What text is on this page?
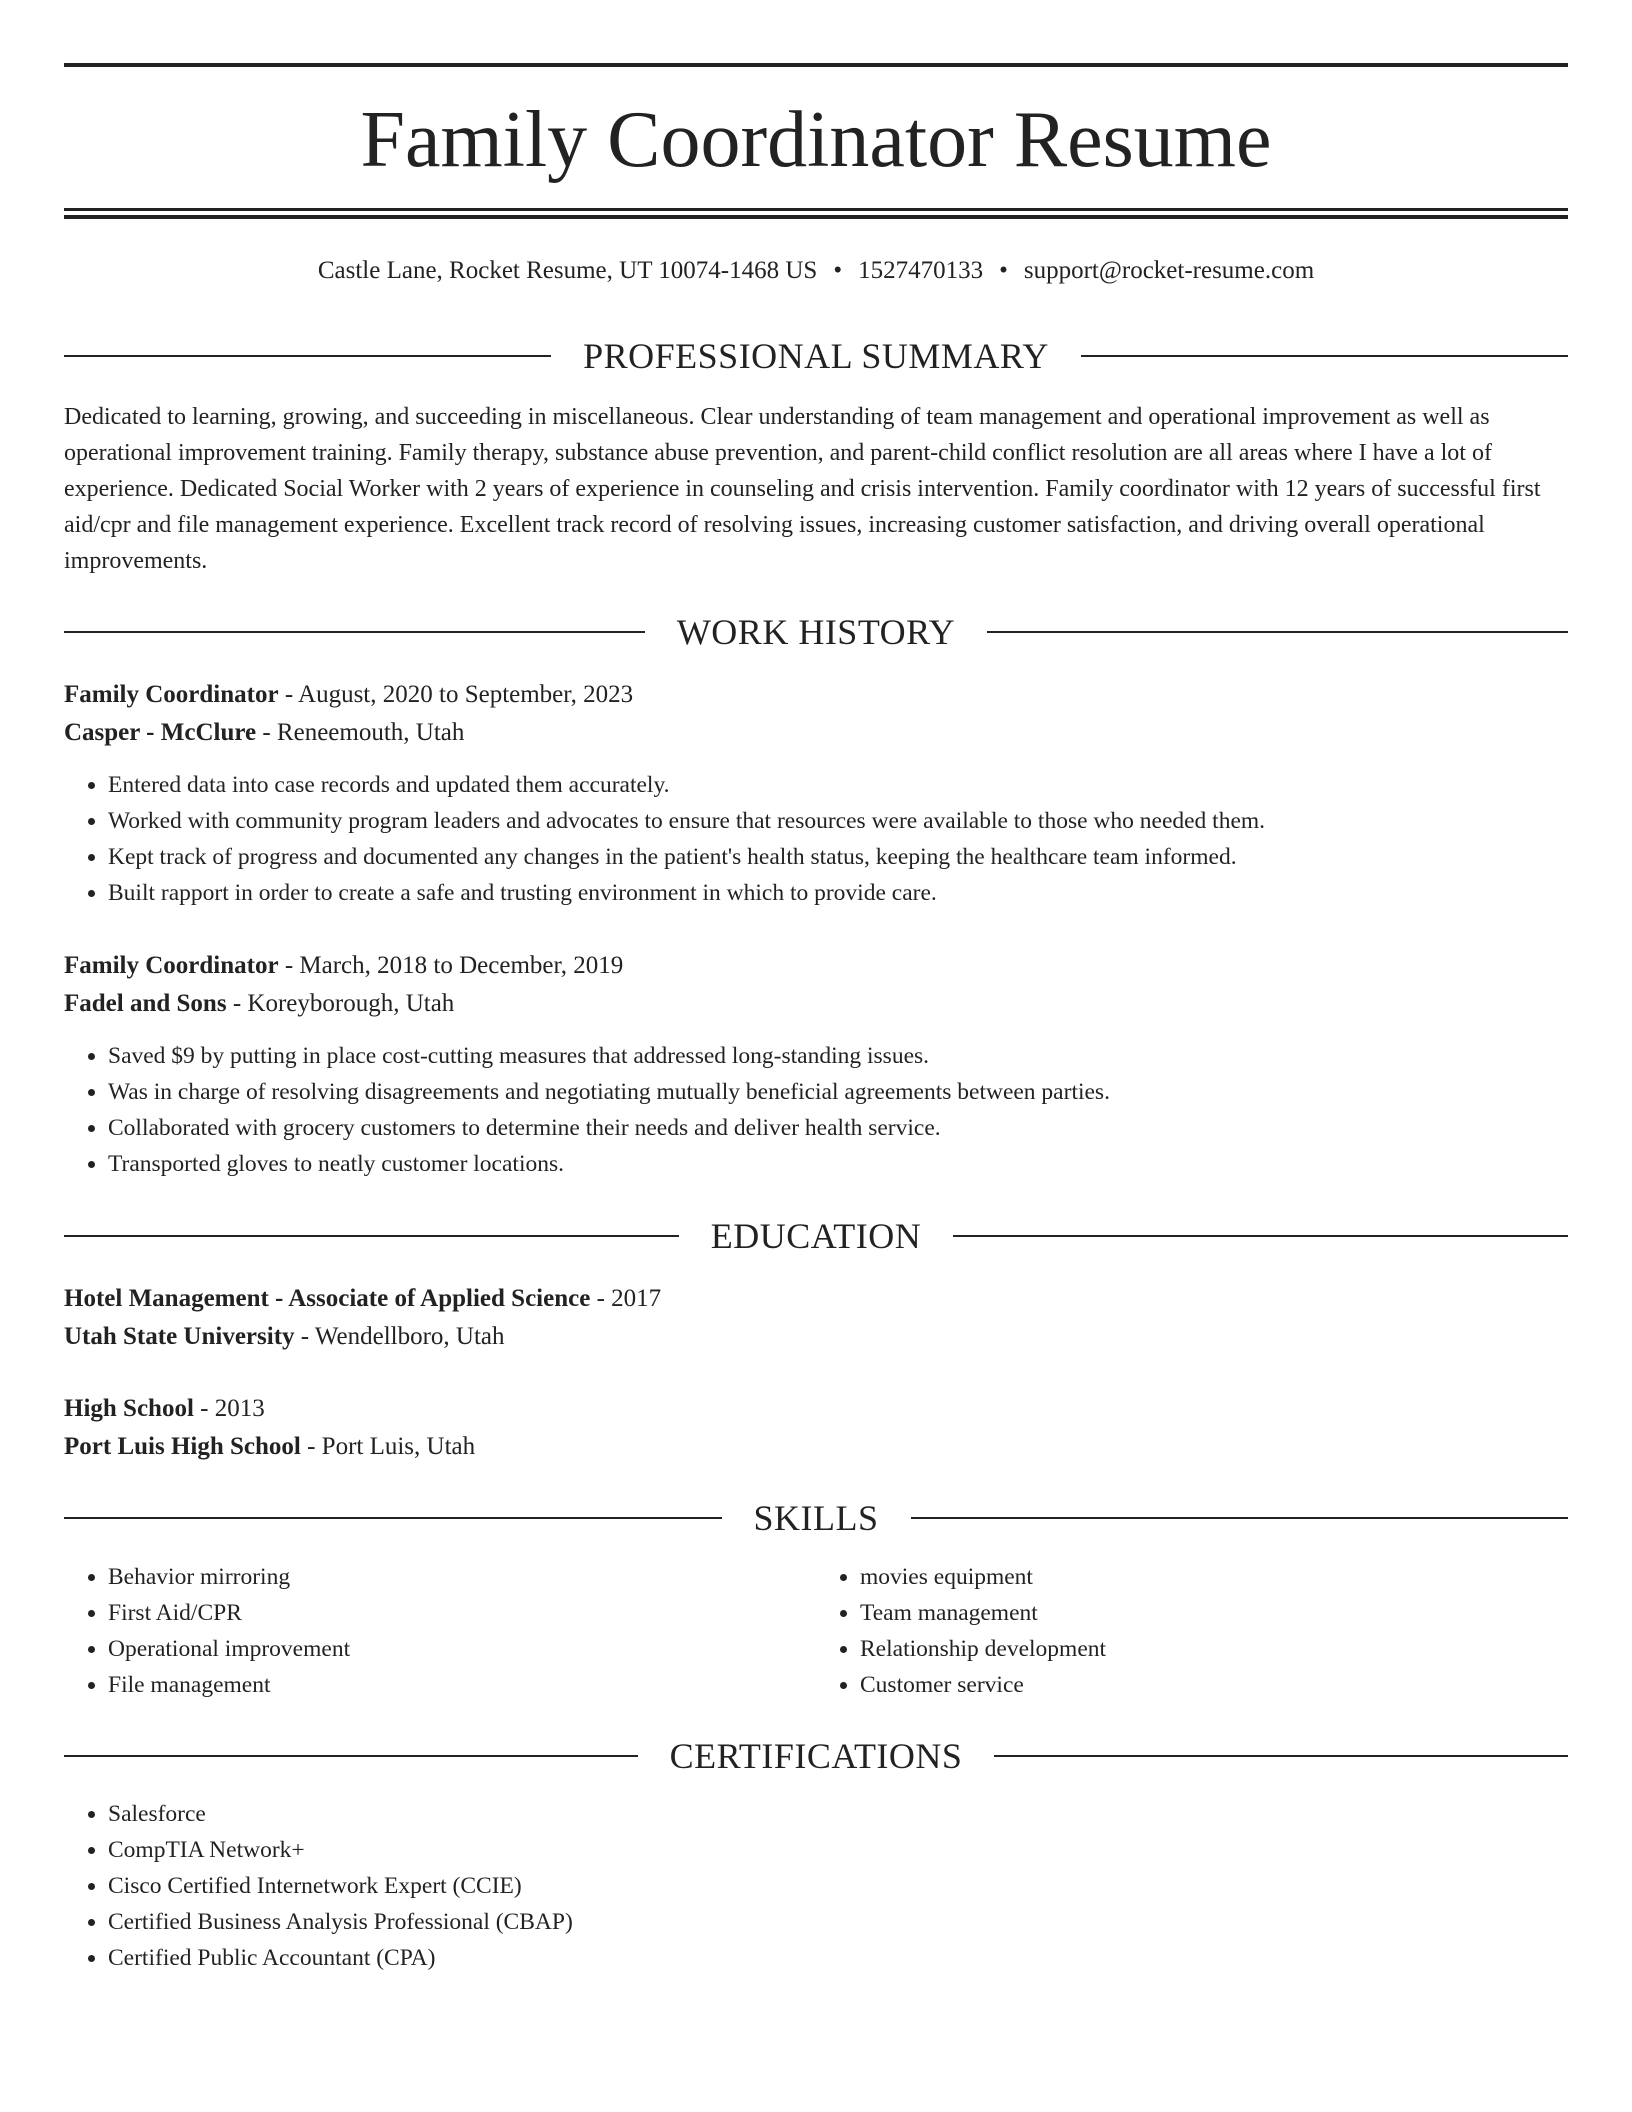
Family Coordinator Resume
Castle Lane, Rocket Resume, UT 10074-1468 US • 1527470133 • support@rocket-resume.com
PROFESSIONAL SUMMARY

Dedicated to learning, growing, and succeeding in miscellaneous. Clear understanding of team management and operational improvement as well as operational improvement training. Family therapy, substance abuse prevention, and parent-child conflict resolution are all areas where I have a lot of experience. Dedicated Social Worker with 2 years of experience in counseling and crisis intervention. Family coordinator with 12 years of successful first aid/cpr and file management experience. Excellent track record of resolving issues, increasing customer satisfaction, and driving overall operational improvements.

WORK HISTORY
Family Coordinator - August, 2020 to September, 2023
Casper - McClure - Reneemouth, Utah
• Entered data into case records and updated them accurately.
• Worked with community program leaders and advocates to ensure that resources were available to those who needed them.
• Kept track of progress and documented any changes in the patient's health status, keeping the healthcare team informed.
• Built rapport in order to create a safe and trusting environment in which to provide care.
Family Coordinator - March, 2018 to December, 2019
Fadel and Sons - Koreyborough, Utah
• Saved $9 by putting in place cost-cutting measures that addressed long-standing issues.
• Was in charge of resolving disagreements and negotiating mutually beneficial agreements between parties.
• Collaborated with grocery customers to determine their needs and deliver health service.
• Transported gloves to neatly customer locations.
EDUCATION
Hotel Management - Associate of Applied Science - 2017
Utah State University - Wendellboro, Utah
High School - 2013
Port Luis High School - Port Luis, Utah
SKILLS
• Behavior mirroring
• First Aid/CPR
• Operational improvement
• File management
• movies equipment
• Team management
• Relationship development
• Customer service
CERTIFICATIONS
• Salesforce
• CompTIA Network+
• Cisco Certified Internetwork Expert (CCIE)
• Certified Business Analysis Professional (CBAP)
• Certified Public Accountant (CPA)
